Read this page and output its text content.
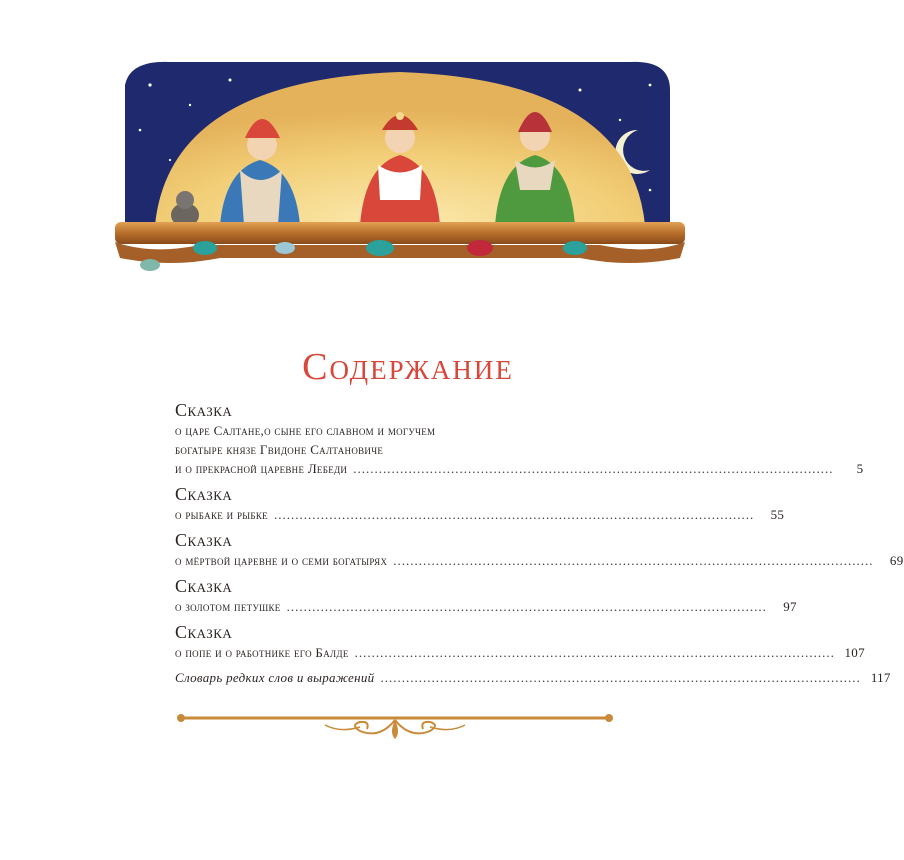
Содержание
Сказка
о царе Салтане,о сыне его славном и могучем
богатыре князе Гвидоне Салтановиче
и о прекрасной царевне Лебеди .................................................................................................................	5
Сказка
о рыбаке и рыбке .................................................................................................................	55
Сказка
о мёртвой царевне и о семи богатырях .................................................................................................................	69
Сказка
о золотом петушке .................................................................................................................	97
Сказка
о попе и о работнике его Балде ................................................................................................................. 107
Словарь редких слов и выражений ................................................................................................................. 117
